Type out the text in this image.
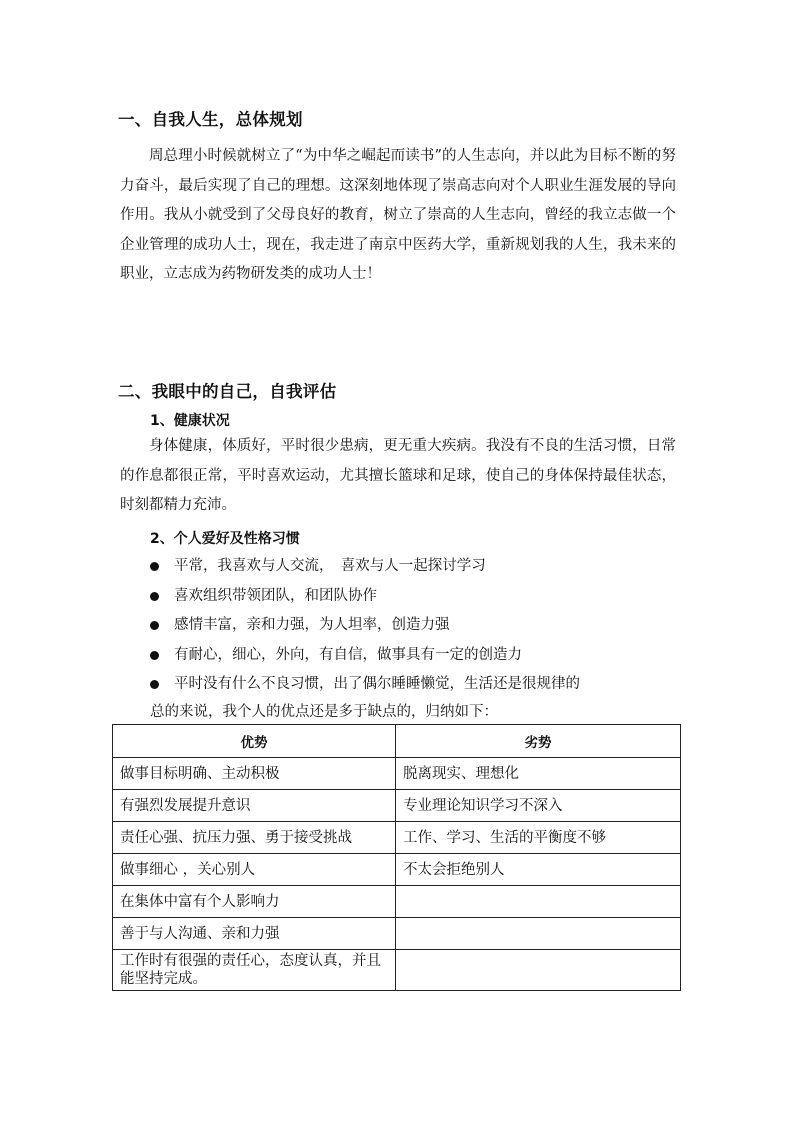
一、自我人生，总体规划

周总理小时候就树立了“为中华之崛起而读书”的人生志向，并以此为目标不断的努力奋斗，最后实现了自己的理想。这深刻地体现了崇高志向对个人职业生涯发展的导向作用。我从小就受到了父母良好的教育，树立了崇高的人生志向，曾经的我立志做一个企业管理的成功人士，现在，我走进了南京中医药大学，重新规划我的人生，我未来的职业，立志成为药物研发类的成功人士！

二、我眼中的自己，自我评估
1、健康状况

身体健康，体质好，平时很少患病，更无重大疾病。我没有不良的生活习惯，日常的作息都很正常，平时喜欢运动，尤其擅长篮球和足球，使自己的身体保持最佳状态，时刻都精力充沛。

2、个人爱好及性格习惯
平常，我喜欢与人交流，　喜欢与人一起探讨学习
喜欢组织带领团队，和团队协作
感情丰富，亲和力强，为人坦率，创造力强
有耐心，细心，外向，有自信，做事具有一定的创造力
平时没有什么不良习惯，出了偶尔睡睡懒觉，生活还是很规律的
总的来说，我个人的优点还是多于缺点的，归纳如下：
优势	劣势
做事目标明确、主动积极	脱离现实、理想化
有强烈发展提升意识	专业理论知识学习不深入
责任心强、抗压力强、勇于接受挑战	工作、学习、生活的平衡度不够
做事细心 ，关心别人	不太会拒绝别人
在集体中富有个人影响力	
善于与人沟通、亲和力强	
工作时有很强的责任心，态度认真，并且能坚持完成。	
